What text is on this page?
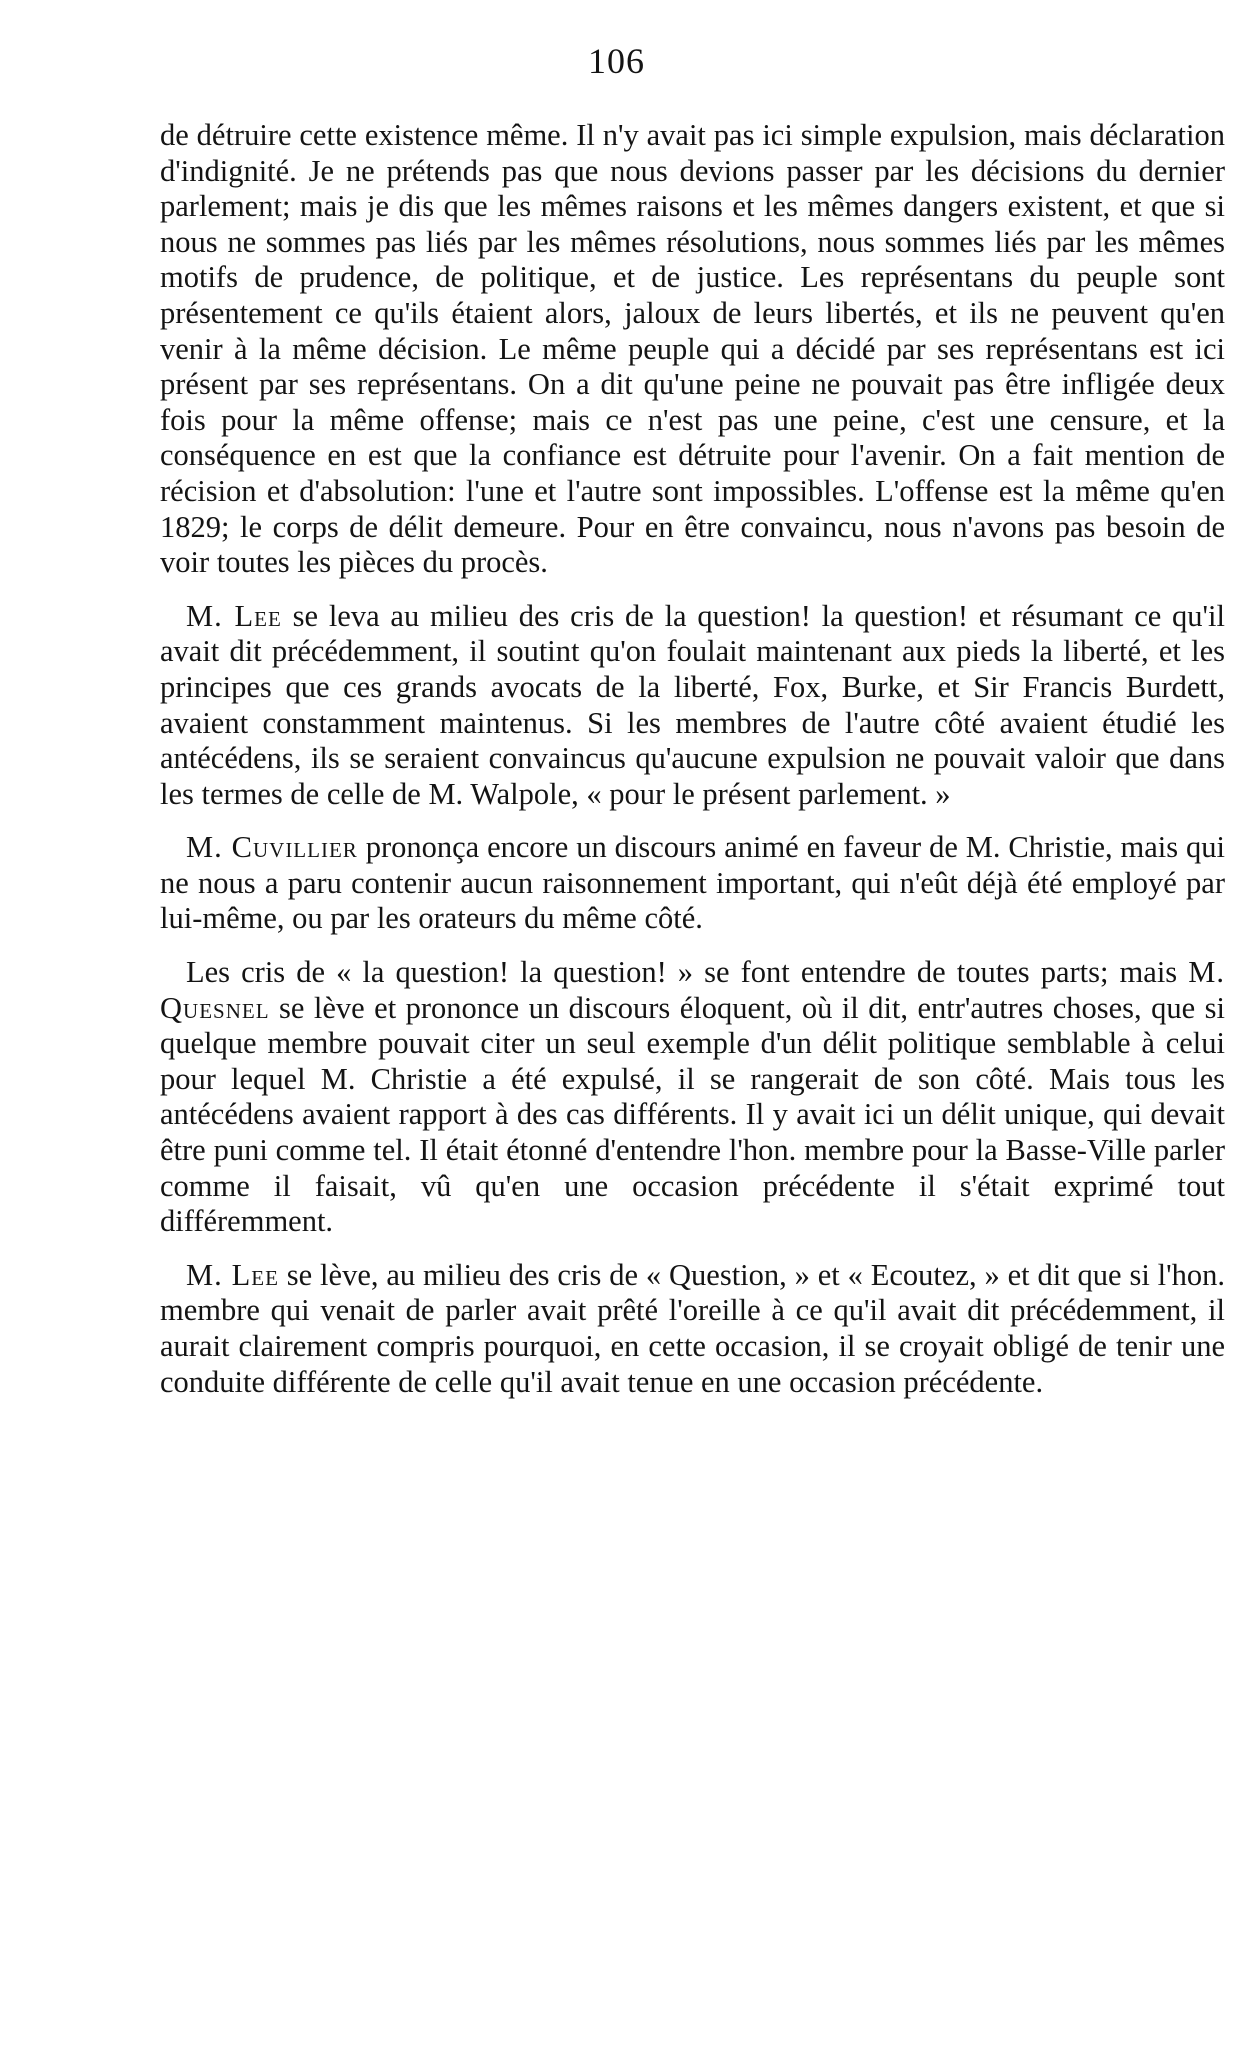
106

de détruire cette existence même. Il n'y avait pas ici simple expulsion, mais déclaration d'indignité. Je ne prétends pas que nous devions passer par les décisions du dernier parlement; mais je dis que les mêmes raisons et les mêmes dangers existent, et que si nous ne sommes pas liés par les mêmes résolutions, nous sommes liés par les mêmes motifs de prudence, de politique, et de justice. Les représentans du peuple sont présentement ce qu'ils étaient alors, jaloux de leurs libertés, et ils ne peuvent qu'en venir à la même décision. Le même peuple qui a décidé par ses représentans est ici présent par ses représentans. On a dit qu'une peine ne pouvait pas être infligée deux fois pour la même offense; mais ce n'est pas une peine, c'est une censure, et la conséquence en est que la confiance est détruite pour l'avenir. On a fait mention de récision et d'absolution: l'une et l'autre sont impossibles. L'offense est la même qu'en 1829; le corps de délit demeure. Pour en être convaincu, nous n'avons pas besoin de voir toutes les pièces du procès.

M. Lee se leva au milieu des cris de la question! la question! et résumant ce qu'il avait dit précédemment, il soutint qu'on foulait maintenant aux pieds la liberté, et les principes que ces grands avocats de la liberté, Fox, Burke, et Sir Francis Burdett, avaient constamment maintenus. Si les membres de l'autre côté avaient étudié les antécédens, ils se seraient convaincus qu'aucune expulsion ne pouvait valoir que dans les termes de celle de M. Walpole, « pour le présent parlement. »

M. Cuvillier prononça encore un discours animé en faveur de M. Christie, mais qui ne nous a paru contenir aucun raisonnement important, qui n'eût déjà été employé par lui-même, ou par les orateurs du même côté.

Les cris de « la question! la question! » se font entendre de toutes parts; mais M. Quesnel se lève et prononce un discours éloquent, où il dit, entr'autres choses, que si quelque membre pouvait citer un seul exemple d'un délit politique semblable à celui pour lequel M. Christie a été expulsé, il se rangerait de son côté. Mais tous les antécédens avaient rapport à des cas différents. Il y avait ici un délit unique, qui devait être puni comme tel. Il était étonné d'entendre l'hon. membre pour la Basse-Ville parler comme il faisait, vû qu'en une occasion précédente il s'était exprimé tout différemment.

M. Lee se lève, au milieu des cris de « Question, » et « Ecoutez, » et dit que si l'hon. membre qui venait de parler avait prêté l'oreille à ce qu'il avait dit précédemment, il aurait clairement compris pourquoi, en cette occasion, il se croyait obligé de tenir une conduite différente de celle qu'il avait tenue en une occasion précédente.
